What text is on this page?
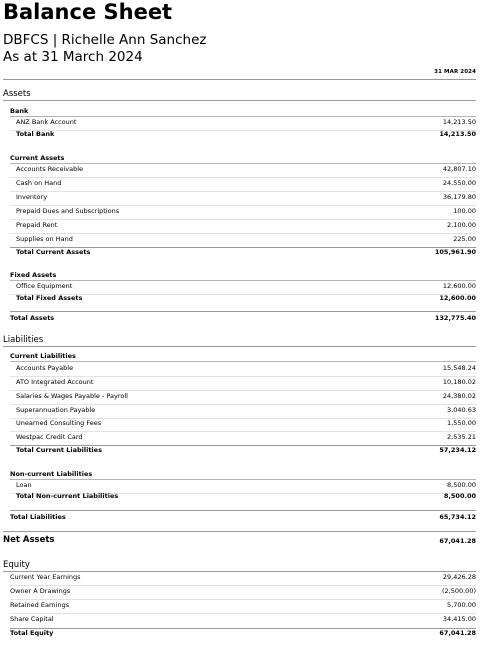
Balance Sheet
DBFCS | Richelle Ann Sanchez
As at 31 March 2024
31 MAR 2024
Assets
Bank
ANZ Bank Account	14,213.50
Total Bank	14,213.50
Current Assets
Accounts Receivable	42,807.10
Cash on Hand	24,550.00
Inventory	36,179.80
Prepaid Dues and Subscriptions	100.00
Prepaid Rent	2,100.00
Supplies on Hand	225.00
Total Current Assets	105,961.90
Fixed Assets
Office Equipment	12,600.00
Total Fixed Assets	12,600.00
Total Assets	132,775.40
Liabilities
Current Liabilities
Accounts Payable	15,548.24
ATO Integrated Account	10,180.02
Salaries & Wages Payable - Payroll	24,380.02
Superannuation Payable	3,040.63
Unearned Consulting Fees	1,550.00
Westpac Credit Card	2,535.21
Total Current Liabilities	57,234.12
Non-current Liabilities
Loan	8,500.00
Total Non-current Liabilities	8,500.00
Total Liabilities	65,734.12
Net Assets	67,041.28
Equity
Current Year Earnings	29,426.28
Owner A Drawings	(2,500.00)
Retained Earnings	5,700.00
Share Capital	34,415.00
Total Equity	67,041.28
